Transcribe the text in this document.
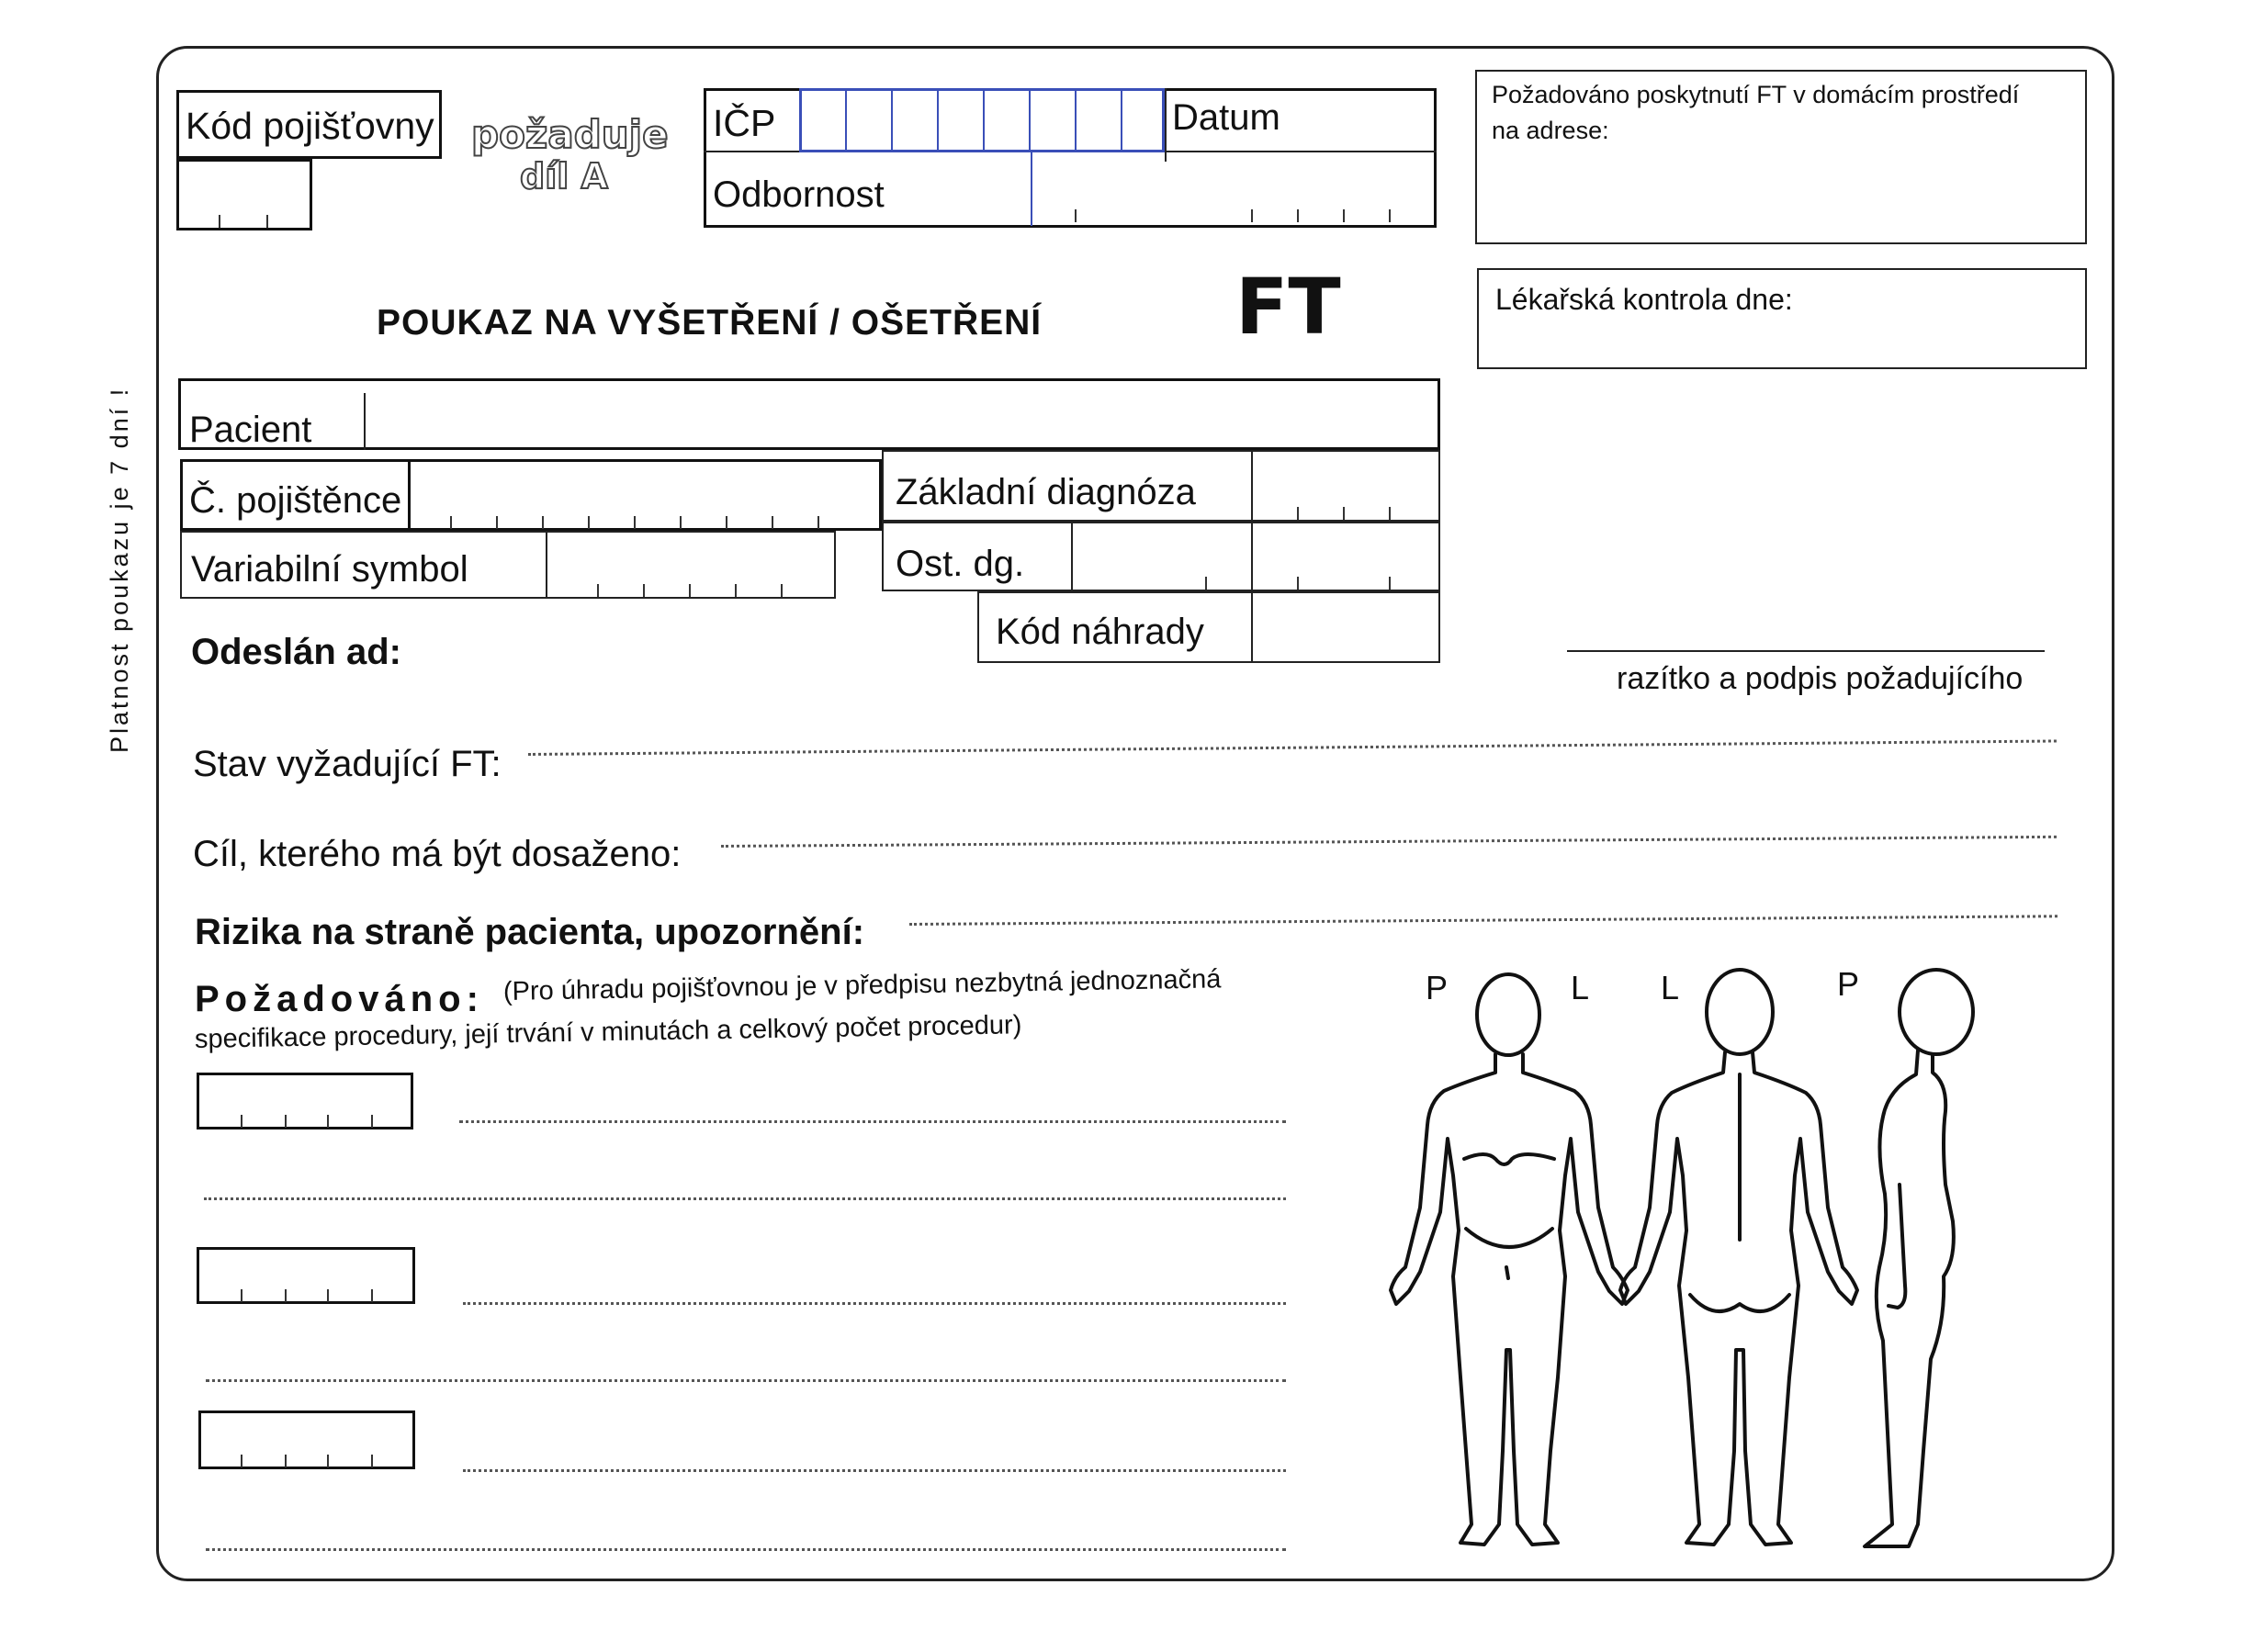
Platnost poukazu je 7 dní !
Kód pojišťovny požaduje
díl A
IČP	Datum
Odbornost
Požadováno poskytnutí FT v domácím prostředí na adrese:
Lékařská kontrola dne:
POUKAZ NA VYŠETŘENÍ / OŠETŘENÍ	FT
Pacient
Č. pojištěnce	Základní diagnóza
Variabilní symbol	Ost. dg.
Kód náhrady
Odeslán ad:
razítko a podpis požadujícího
Stav vyžadující FT:
Cíl, kterého má být dosaženo:
Rizika na straně pacienta, upozornění:
Požadováno: (Pro úhradu pojišťovnou je v předpisu nezbytná jednoznačná
specifikace procedury, její trvání v minutách a celkový počet procedur)
P	L L	P
